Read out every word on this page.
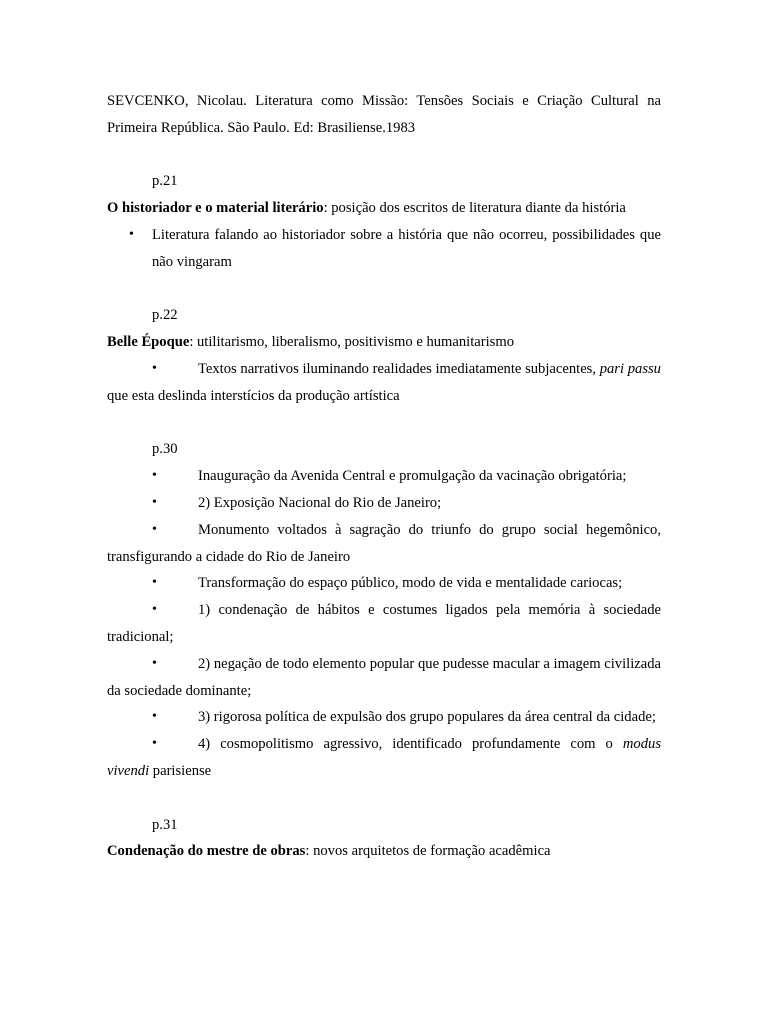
SEVCENKO, Nicolau. Literatura como Missão: Tensões Sociais e Criação Cultural na Primeira República. São Paulo. Ed: Brasiliense.1983

p.21

O historiador e o material literário: posição dos escritos de literatura diante da história

• Literatura falando ao historiador sobre a história que não ocorreu, possibilidades que não vingaram

p.22

Belle Époque: utilitarismo, liberalismo, positivismo e humanitarismo

•	Textos narrativos iluminando realidades imediatamente subjacentes, pari passu que esta deslinda interstícios da produção artística

p.30

•	Inauguração da Avenida Central e promulgação da vacinação obrigatória;
•	2) Exposição Nacional do Rio de Janeiro;
•	Monumento voltados à sagração do triunfo do grupo social hegemônico, transfigurando a cidade do Rio de Janeiro
•	Transformação do espaço público, modo de vida e mentalidade cariocas;
•	1) condenação de hábitos e costumes ligados pela memória à sociedade tradicional;
•	2) negação de todo elemento popular que pudesse macular a imagem civilizada da sociedade dominante;
•	3) rigorosa política de expulsão dos grupo populares da área central da cidade;
•	4) cosmopolitismo agressivo, identificado profundamente com o modus vivendi parisiense

p.31

Condenação do mestre de obras: novos arquitetos de formação acadêmica
